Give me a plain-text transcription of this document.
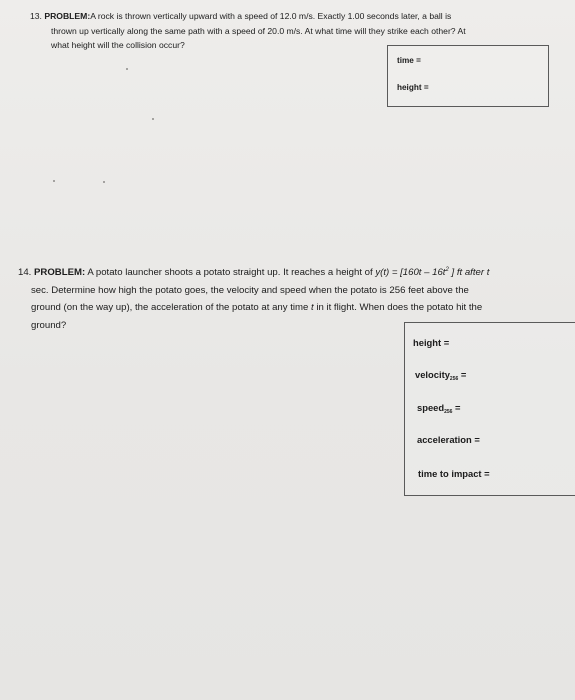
13. PROBLEM:A rock is thrown vertically upward with a speed of 12.0 m/s. Exactly 1.00 seconds later, a ball is
thrown up vertically along the same path with a speed of 20.0 m/s. At what time will they strike each other? At
what height will the collision occur?
time =
height =
14. PROBLEM: A potato launcher shoots a potato straight up. It reaches a height of $y(t) = [160t - 16t^2$ ] ft after t
sec. Determine how high the potato goes, the velocity and speed when the potato is 256 feet above the
ground (on the way up), the acceleration of the potato at any time t in it flight. When does the potato hit the
ground?
height =
velocity$_{256}$ =
speed$_{256}$ =
acceleration =
time to impact =
